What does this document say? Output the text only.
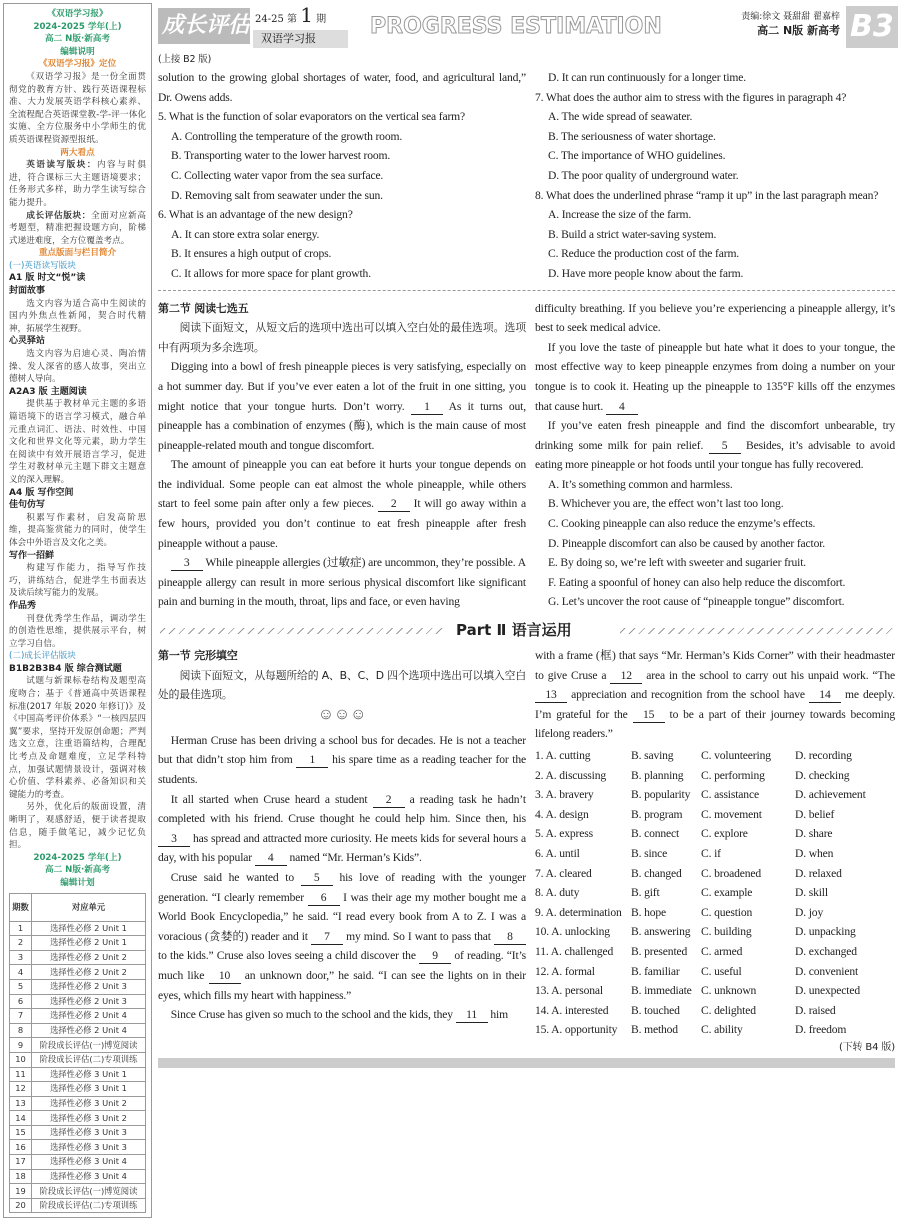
《双语学习报》
2024-2025 学年(上)
高二 N版·新高考
编辑说明
《双语学习报》定位

《双语学习报》是一份全面贯彻党的教育方针、践行英语课程标准、大力发展英语学科核心素养、全流程配合英语课堂教-学-评一体化实施、全方位服务中小学师生的优质英语课程资源型报纸。

两大看点

英语读写版块：内容与时俱进，符合课标三大主题语境要求；任务形式多样，助力学生读写综合能力提升。

成长评估版块：全面对应新高考题型，精准把握设题方向，阶梯式递进难度，全方位覆盖考点。

重点版面与栏目简介
(一)英语读写版块
A1 版 时文“悦”读
封面故事

选文内容为适合高中生阅读的国内外焦点性新闻，契合时代精神，拓展学生视野。

心灵驿站

选文内容为启迪心灵、陶冶情操、发人深省的感人故事，突出立德树人导向。

A2A3 版 主题阅读

提供基于教材单元主题的多语篇语境下的语言学习模式，融合单元重点词汇、语法、时效性、中国文化和世界文化等元素，助力学生在阅读中有效开展语言学习，促进学生对教材单元主题下群文主题意义的深入理解。

A4 版 写作空间
佳句仿写

积累写作素材，启发高阶思维，提高鉴赏能力的同时，使学生体会中外语言及文化之美。

写作一招鲜

构建写作能力，指导写作技巧，讲练结合，促进学生书面表达及读后续写能力的发展。

作品秀

刊登优秀学生作品，调动学生的创造性思维，提供展示平台，树立学习自信。

(二)成长评估版块
B1B2B3B4 版 综合测试题

试题与新课标卷结构及题型高度吻合；基于《普通高中英语课程标准(2017 年版 2020 年修订)》及《中国高考评价体系》“一核四层四翼”要求，坚持开发原创命题；严判选文立意，注重语篇结构，合理配比考点及命题难度，立足学科特点，加强试题情景设计，强调对核心价值、学科素养、必备知识和关键能力的考查。

另外，优化后的版面设置，清晰明了，观感舒适，便于读者提取信息，随手做笔记，减少记忆负担。

2024-2025 学年(上)
高二 N版·新高考
编辑计划
期数	对应单元
1	选择性必修 2 Unit 1
2	选择性必修 2 Unit 1
3	选择性必修 2 Unit 2
4	选择性必修 2 Unit 2
5	选择性必修 2 Unit 3
6	选择性必修 2 Unit 3
7	选择性必修 2 Unit 4
8	选择性必修 2 Unit 4
9	阶段成长评估(一)博览阅读
10	阶段成长评估(二)专项训练
11	选择性必修 3 Unit 1
12	选择性必修 3 Unit 1
13	选择性必修 3 Unit 2
14	选择性必修 3 Unit 2
15	选择性必修 3 Unit 3
16	选择性必修 3 Unit 3
17	选择性必修 3 Unit 4
18	选择性必修 3 Unit 4
19	阶段成长评估(一)博览阅读
20	阶段成长评估(二)专项训练
成长评估 24-25 第 1 期
双语学习报	PROGRESS ESTIMATION	责编:徐文 聂甜甜 翟嘉梓
高二 N版 新高考 B3
(上接 B2 版)

solution to the growing global shortages of water, food, and agricultural land,” Dr. Owens adds.

5. What is the function of solar evaporators on the vertical sea farm?
A. Controlling the temperature of the growth room.
B. Transporting water to the lower harvest room.
C. Collecting water vapor from the sea surface.
D. Removing salt from seawater under the sun.
6. What is an advantage of the new design?
A. It can store extra solar energy.
B. It ensures a high output of crops.
C. It allows for more space for plant growth.
D. It can run continuously for a longer time.
7. What does the author aim to stress with the figures in paragraph 4?
A. The wide spread of seawater.
B. The seriousness of water shortage.
C. The importance of WHO guidelines.
D. The poor quality of underground water.
8. What does the underlined phrase “ramp it up” in the last paragraph mean?
A. Increase the size of the farm.
B. Build a strict water-saving system.
C. Reduce the production cost of the farm.
D. Have more people know about the farm.
第二节 阅读七选五

阅读下面短文，从短文后的选项中选出可以填入空白处的最佳选项。选项中有两项为多余选项。

Digging into a bowl of fresh pineapple pieces is very satisfying, especially on a hot summer day. But if you’ve ever eaten a lot of the fruit in one sitting, you might notice that your tongue hurts. Don’t worry. 1 As it turns out, pineapple has a combination of enzymes (酶), which is the main cause of most pineapple-related mouth and tongue discomfort.

The amount of pineapple you can eat before it hurts your tongue depends on the individual. Some people can eat almost the whole pineapple, while others start to feel some pain after only a few pieces. 2 It will go away within a few hours, provided you don’t continue to eat fresh pineapple after fresh pineapple without a pause.

3 While pineapple allergies (过敏症) are uncommon, they’re possible. A pineapple allergy can result in more serious physical discomfort like significant pain and burning in the mouth, throat, lips and face, or even having

difficulty breathing. If you believe you’re experiencing a pineapple allergy, it’s best to seek medical advice.

If you love the taste of pineapple but hate what it does to your tongue, the most effective way to keep pineapple enzymes from doing a number on your tongue is to cook it. Heating up the pineapple to 135°F kills off the enzymes that cause hurt. 4

If you’ve eaten fresh pineapple and find the discomfort unbearable, try drinking some milk for pain relief. 5 Besides, it’s advisable to avoid eating more pineapple or hot foods until your tongue has fully recovered.

A. It’s something common and harmless.
B. Whichever you are, the effect won’t last too long.
C. Cooking pineapple can also reduce the enzyme’s effects.
D. Pineapple discomfort can also be caused by another factor.
E. By doing so, we’re left with sweeter and sugarier fruit.
F. Eating a spoonful of honey can also help reduce the discomfort.
G. Let’s uncover the root cause of “pineapple tongue” discomfort.
Part Ⅱ 语言运用
第一节 完形填空

阅读下面短文，从每题所给的 A、B、C、D 四个选项中选出可以填入空白处的最佳选项。

☺☺☺

Herman Cruse has been driving a school bus for decades. He is not a teacher but that didn’t stop him from 1 his spare time as a reading teacher for the students.

It all started when Cruse heard a student 2 a reading task he hadn’t completed with his friend. Cruse thought he could help him. Since then, his 3 has spread and attracted more curiosity. He meets kids for several hours a day, with his popular 4 named “Mr. Herman’s Kids”.

Cruse said he wanted to 5 his love of reading with the younger generation. “I clearly remember 6 I was their age my mother bought me a World Book Encyclopedia,” he said. “I read every book from A to Z. I was a voracious (贪婪的) reader and it 7 my mind. So I want to pass that 8 to the kids.” Cruse also loves seeing a child discover the 9 of reading. “It’s much like 10 an unknown door,” he said. “I can see the lights on in their eyes, which fills my heart with happiness.”

Since Cruse has given so much to the school and the kids, they 11 him

with a frame (框) that says “Mr. Herman’s Kids Corner” with their headmaster to give Cruse a 12 area in the school to carry out his unpaid work. “The 13 appreciation and recognition from the school have 14 me deeply. I’m grateful for the 15 to be a part of their journey towards becoming lifelong readers.”

1. A. cutting	B. saving	C. volunteering	D. recording
2. A. discussing	B. planning	C. performing	D. checking
3. A. bravery	B. popularity C. assistance	D. achievement
4. A. design	B. program	C. movement	D. belief
5. A. express	B. connect	C. explore	D. share
6. A. until	B. since	C. if	D. when
7. A. cleared	B. changed	C. broadened	D. relaxed
8. A. duty	B. gift	C. example	D. skill
9. A. determination B. hope	C. question	D. joy
10. A. unlocking	B. answering C. building	D. unpacking
11. A. challenged	B. presented	C. armed	D. exchanged
12. A. formal	B. familiar	C. useful	D. convenient
13. A. personal	B. immediate C. unknown	D. unexpected
14. A. interested	B. touched	C. delighted	D. raised
15. A. opportunity	B. method	C. ability	D. freedom
(下转 B4 版)
